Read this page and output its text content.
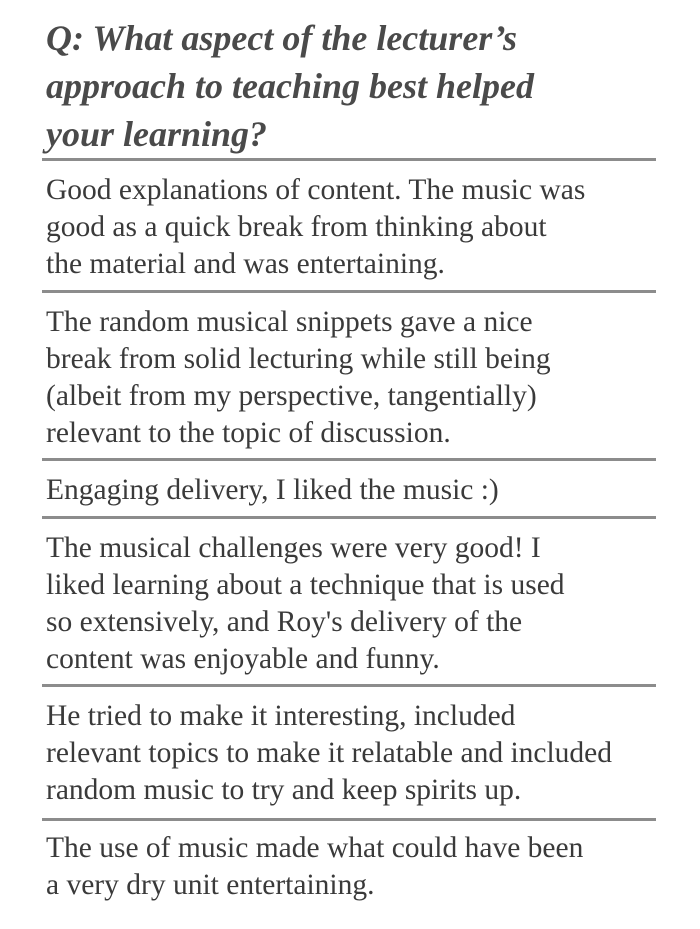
Q: What aspect of the lecturer’s
approach to teaching best helped
your learning?

Good explanations of content. The music was
good as a quick break from thinking about
the material and was entertaining.

The random musical snippets gave a nice
break from solid lecturing while still being
(albeit from my perspective, tangentially)
relevant to the topic of discussion.

Engaging delivery, I liked the music :)

The musical challenges were very good! I
liked learning about a technique that is used
so extensively, and Roy's delivery of the
content was enjoyable and funny.

He tried to make it interesting, included
relevant topics to make it relatable and included
random music to try and keep spirits up.

The use of music made what could have been
a very dry unit entertaining.
